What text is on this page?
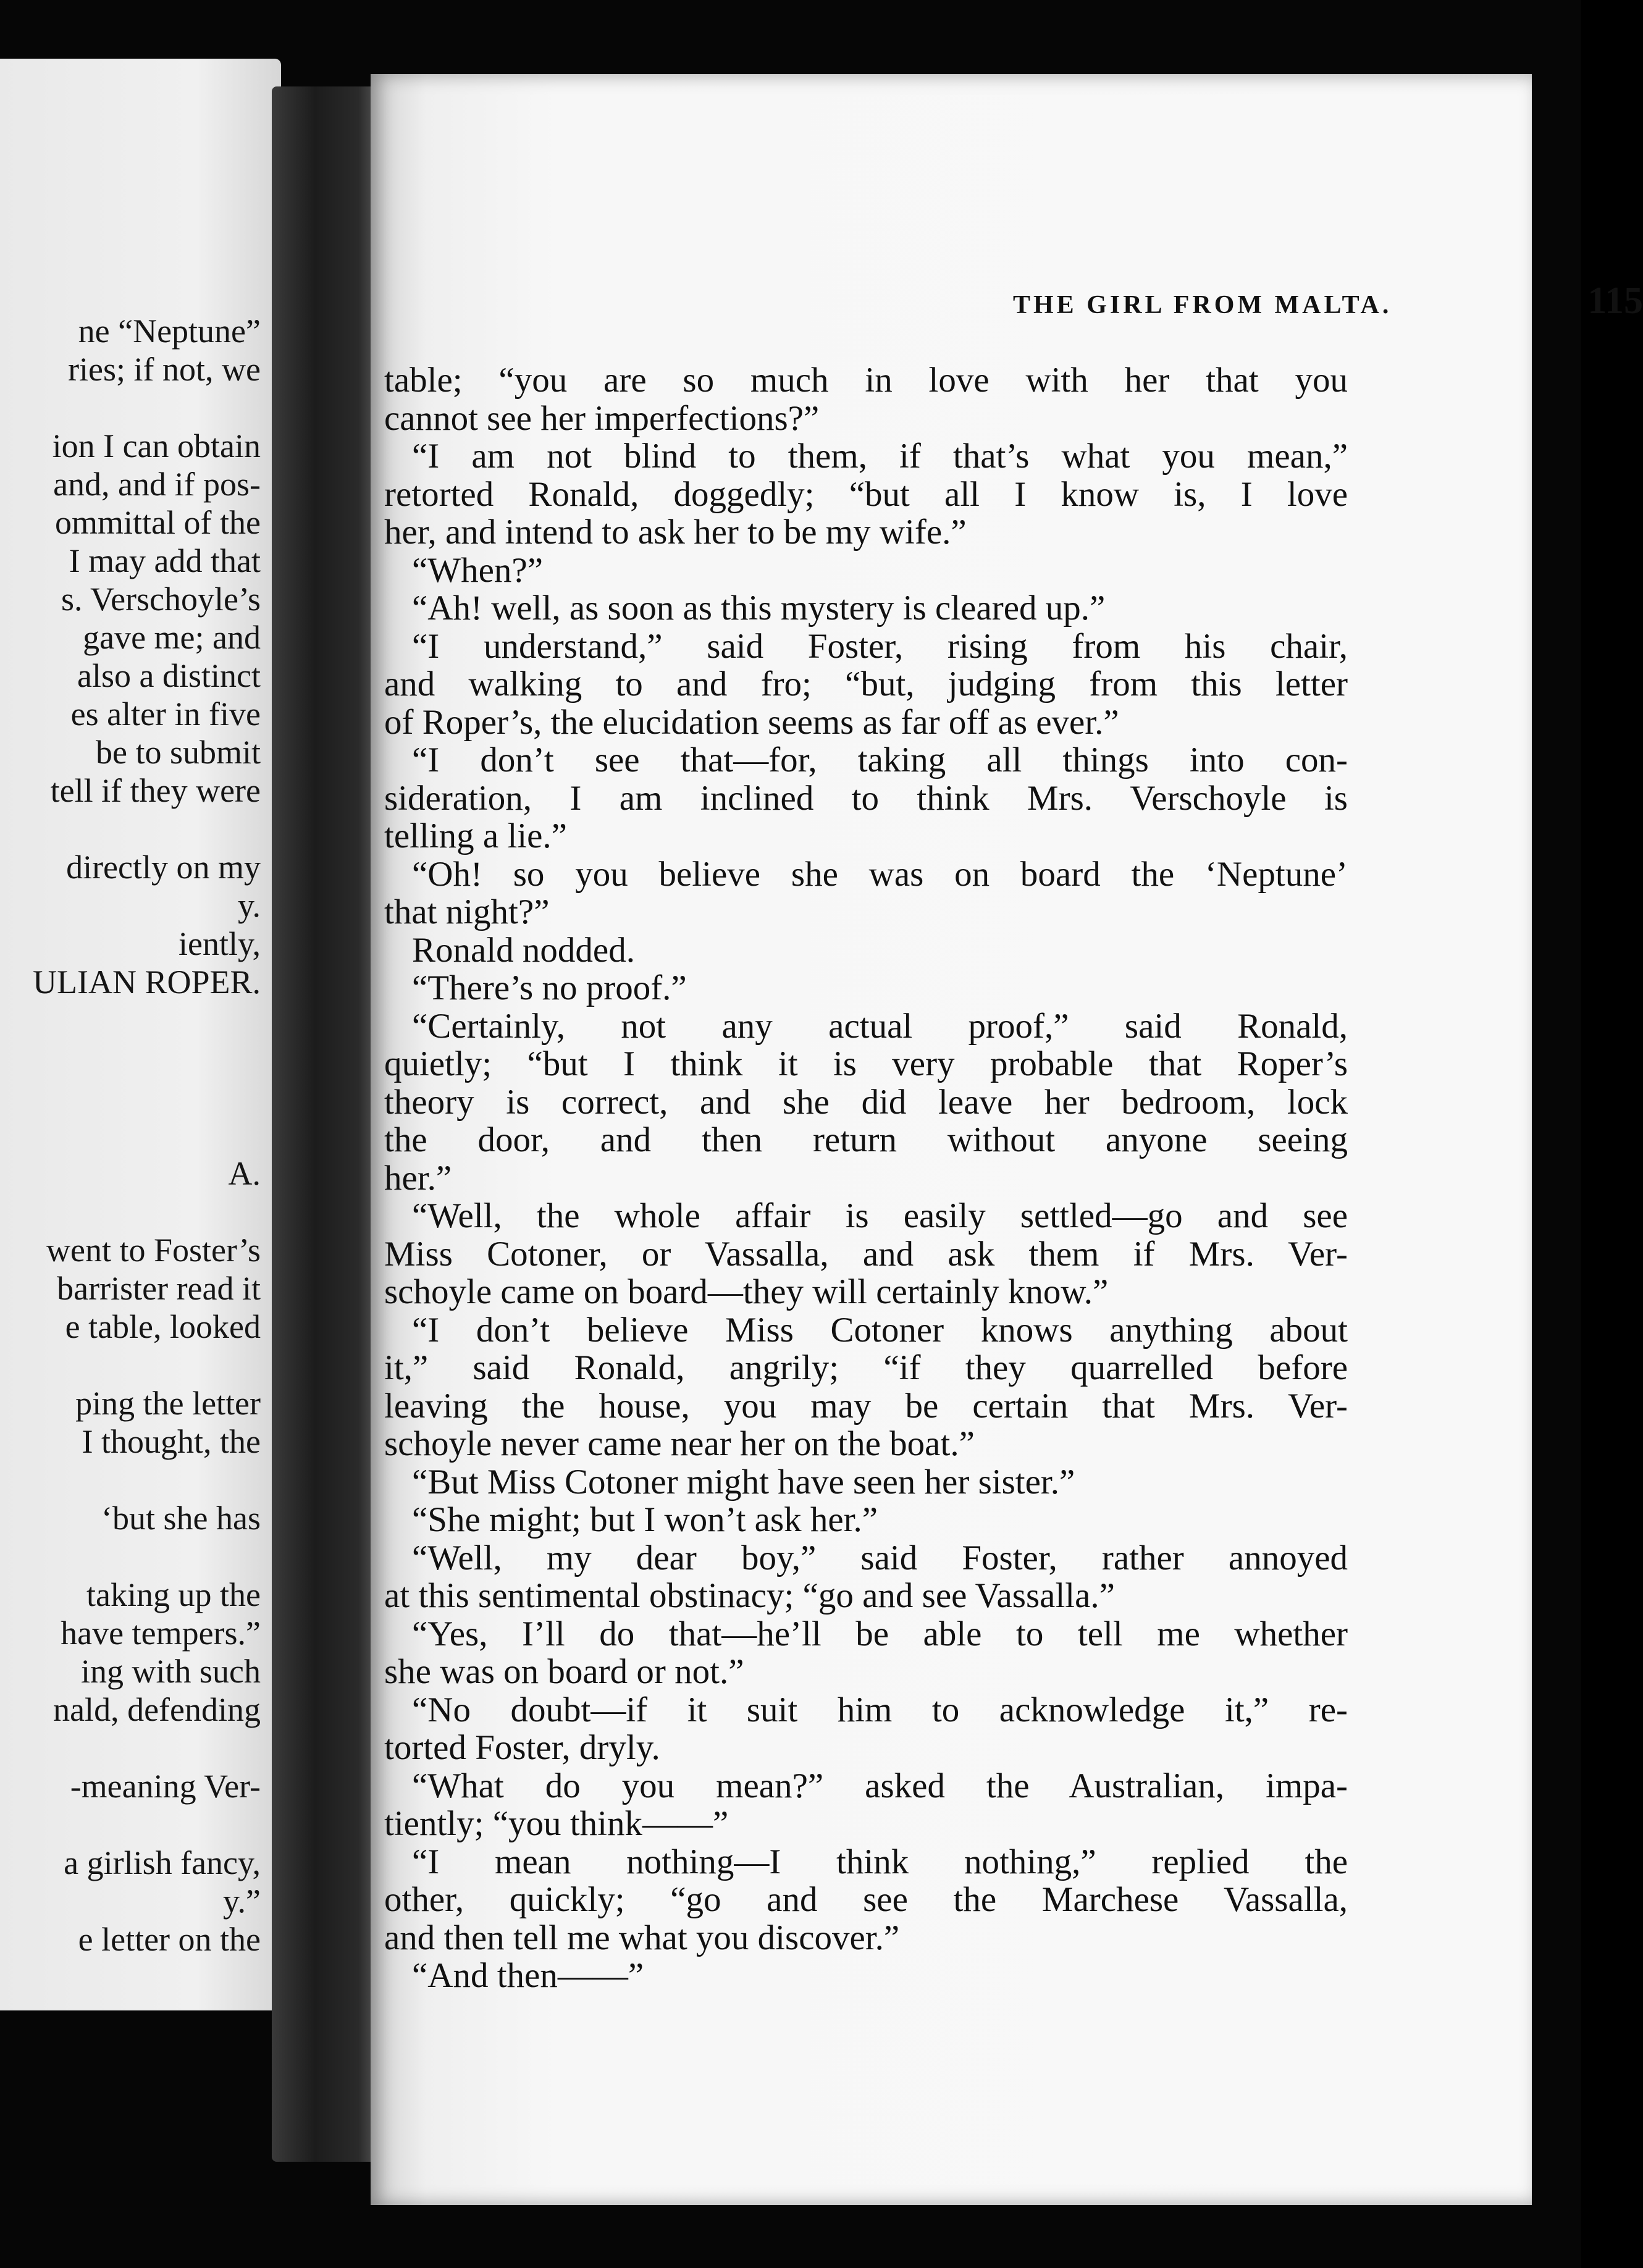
ne “Neptune”
ries; if not, we
ion I can obtain
and, and if pos-
ommittal of the
I may add that
s. Verschoyle’s
gave me; and
also a distinct
es alter in five
be to submit
tell if they were
directly on my
y.
iently,
ULIAN ROPER.
A.
went to Foster’s
barrister read it
e table, looked
ping the letter
I thought, the
‘but she has
taking up the
have tempers.”
ing with such
nald, defending
-meaning Ver-
a girlish fancy,
y.”
e letter on the
THE GIRL FROM MALTA.	115
table; “you are so much in love with her that you
cannot see her imperfections?”
“I am not blind to them, if that’s what you mean,”
retorted Ronald, doggedly; “but all I know is, I love
her, and intend to ask her to be my wife.”
“When?”
“Ah! well, as soon as this mystery is cleared up.”
“I understand,” said Foster, rising from his chair,
and walking to and fro; “but, judging from this letter
of Roper’s, the elucidation seems as far off as ever.”
“I don’t see that—for, taking all things into con-
sideration, I am inclined to think Mrs. Verschoyle is
telling a lie.”
“Oh! so you believe she was on board the ‘Neptune’
that night?”
Ronald nodded.
“There’s no proof.”
“Certainly, not any actual proof,” said Ronald,
quietly; “but I think it is very probable that Roper’s
theory is correct, and she did leave her bedroom, lock
the door, and then return without anyone seeing
her.”
“Well, the whole affair is easily settled—go and see
Miss Cotoner, or Vassalla, and ask them if Mrs. Ver-
schoyle came on board—they will certainly know.”
“I don’t believe Miss Cotoner knows anything about
it,” said Ronald, angrily; “if they quarrelled before
leaving the house, you may be certain that Mrs. Ver-
schoyle never came near her on the boat.”
“But Miss Cotoner might have seen her sister.”
“She might; but I won’t ask her.”
“Well, my dear boy,” said Foster, rather annoyed
at this sentimental obstinacy; “go and see Vassalla.”
“Yes, I’ll do that—he’ll be able to tell me whether
she was on board or not.”
“No doubt—if it suit him to acknowledge it,” re-
torted Foster, dryly.
“What do you mean?” asked the Australian, impa-
tiently; “you think——”
“I mean nothing—I think nothing,” replied the
other, quickly; “go and see the Marchese Vassalla,
and then tell me what you discover.”
“And then——”
